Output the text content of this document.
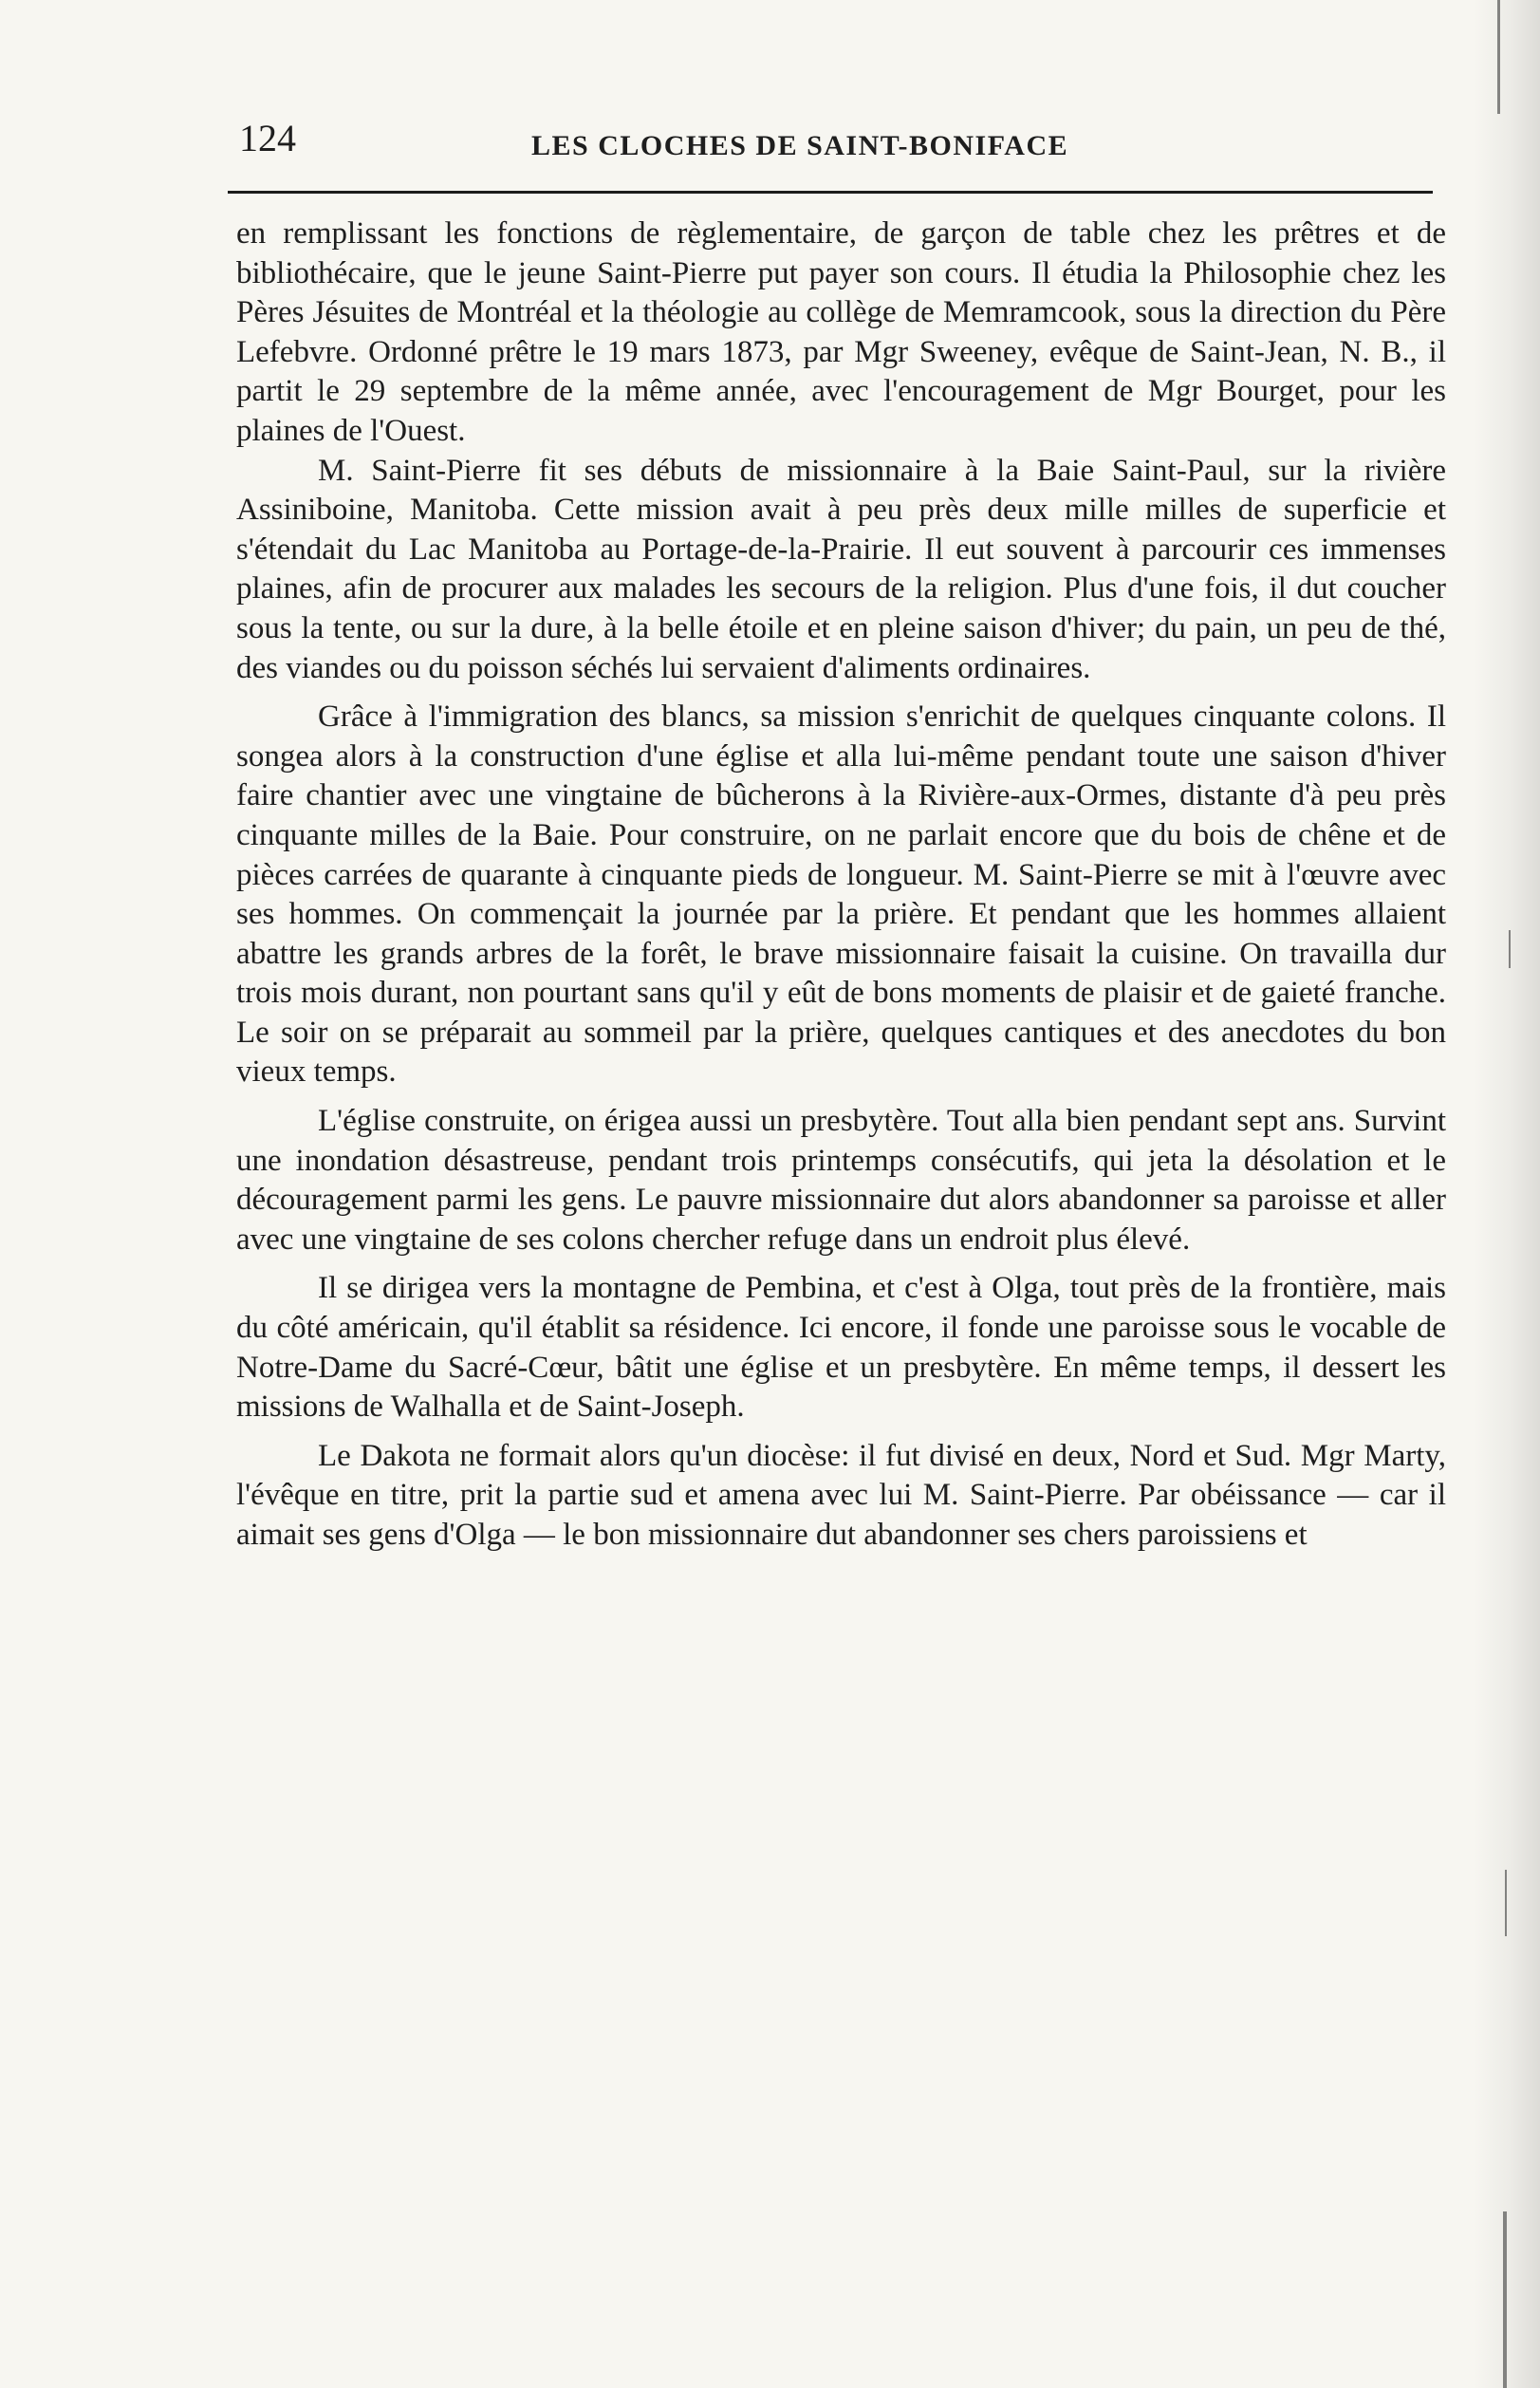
124	LES CLOCHES DE SAINT-BONIFACE

en remplissant les fonctions de règlementaire, de garçon de table chez les prêtres et de bibliothécaire, que le jeune Saint-Pierre put payer son cours. Il étudia la Philosophie chez les Pères Jésuites de Montréal et la théologie au collège de Memramcook, sous la direction du Père Lefebvre. Ordonné prêtre le 19 mars 1873, par Mgr Sweeney, evêque de Saint-Jean, N. B., il partit le 29 septembre de la même année, avec l'encouragement de Mgr Bourget, pour les plaines de l'Ouest.

M. Saint-Pierre fit ses débuts de missionnaire à la Baie Saint-Paul, sur la rivière Assiniboine, Manitoba. Cette mission avait à peu près deux mille milles de superficie et s'étendait du Lac Manitoba au Portage-de-la-Prairie. Il eut souvent à parcourir ces immenses plaines, afin de procurer aux malades les secours de la religion. Plus d'une fois, il dut coucher sous la tente, ou sur la dure, à la belle étoile et en pleine saison d'hiver; du pain, un peu de thé, des viandes ou du poisson séchés lui servaient d'aliments ordinaires.

Grâce à l'immigration des blancs, sa mission s'enrichit de quelques cinquante colons. Il songea alors à la construction d'une église et alla lui-même pendant toute une saison d'hiver faire chantier avec une vingtaine de bûcherons à la Rivière-aux-Ormes, distante d'à peu près cinquante milles de la Baie. Pour construire, on ne parlait encore que du bois de chêne et de pièces carrées de quarante à cinquante pieds de longueur. M. Saint-Pierre se mit à l'œuvre avec ses hommes. On commençait la journée par la prière. Et pendant que les hommes allaient abattre les grands arbres de la forêt, le brave missionnaire faisait la cuisine. On travailla dur trois mois durant, non pourtant sans qu'il y eût de bons moments de plaisir et de gaieté franche. Le soir on se préparait au sommeil par la prière, quelques cantiques et des anecdotes du bon vieux temps.

L'église construite, on érigea aussi un presbytère. Tout alla bien pendant sept ans. Survint une inondation désastreuse, pendant trois printemps consécutifs, qui jeta la désolation et le découragement parmi les gens. Le pauvre missionnaire dut alors abandonner sa paroisse et aller avec une vingtaine de ses colons chercher refuge dans un endroit plus élevé.

Il se dirigea vers la montagne de Pembina, et c'est à Olga, tout près de la frontière, mais du côté américain, qu'il établit sa résidence. Ici encore, il fonde une paroisse sous le vocable de Notre-Dame du Sacré-Cœur, bâtit une église et un presbytère. En même temps, il dessert les missions de Walhalla et de Saint-Joseph.

Le Dakota ne formait alors qu'un diocèse: il fut divisé en deux, Nord et Sud. Mgr Marty, l'évêque en titre, prit la partie sud et amena avec lui M. Saint-Pierre. Par obéissance — car il aimait ses gens d'Olga — le bon missionnaire dut abandonner ses chers paroissiens et
